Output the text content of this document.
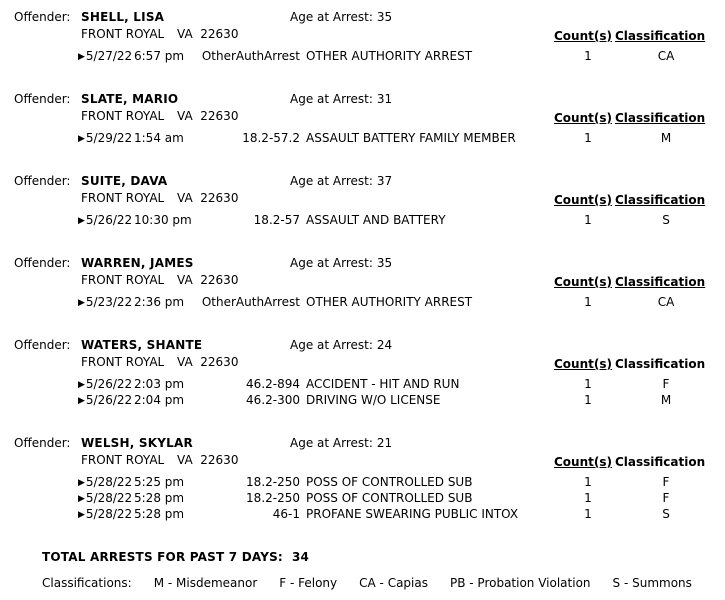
Offender: SHELL, LISA	Age at Arrest: 35
FRONT ROYAL VA  22630	Count(s) Classification
▶5/27/22 6:57 pm	OtherAuthArrest OTHER AUTHORITY ARREST	1	CA
Offender: SLATE, MARIO	Age at Arrest: 31
FRONT ROYAL VA  22630	Count(s) Classification
▶5/29/22 1:54 am	18.2-57.2 ASSAULT BATTERY FAMILY MEMBER	1	M
Offender: SUITE, DAVA	Age at Arrest: 37
FRONT ROYAL VA  22630	Count(s) Classification
▶5/26/22 10:30 pm	18.2-57 ASSAULT AND BATTERY	1	S
Offender: WARREN, JAMES	Age at Arrest: 35
FRONT ROYAL VA  22630	Count(s) Classification
▶5/23/22 2:36 pm	OtherAuthArrest OTHER AUTHORITY ARREST	1	CA
Offender: WATERS, SHANTE	Age at Arrest: 24
FRONT ROYAL VA  22630	Count(s) Classification
▶5/26/22 2:03 pm	46.2-894 ACCIDENT - HIT AND RUN	1	F
▶5/26/22 2:04 pm	46.2-300 DRIVING W/O LICENSE	1	M
Offender: WELSH, SKYLAR	Age at Arrest: 21
FRONT ROYAL VA  22630	Count(s) Classification
▶5/28/22 5:25 pm	18.2-250 POSS OF CONTROLLED SUB	1	F
▶5/28/22 5:28 pm	18.2-250 POSS OF CONTROLLED SUB	1	F
▶5/28/22 5:28 pm	46-1 PROFANE SWEARING PUBLIC INTOX	1	S
TOTAL ARRESTS FOR PAST 7 DAYS: 34
Classifications: M - Misdemeanor F - Felony CA - Capias PB - Probation Violation S - Summons
